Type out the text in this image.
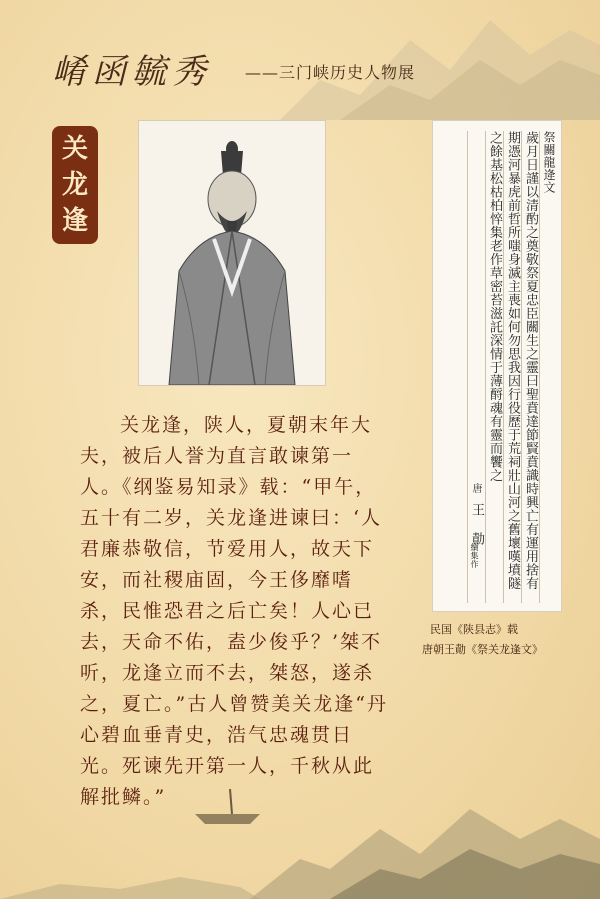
崤函毓秀 ——三门峡历史人物展
关
龙
逢
祭關龍逄文
歲月日謹以清酌之奠敬祭夏忠臣關生之靈曰聖賁達節賢賁識時興亡有運用捨有
期憑河暴虎前哲所嗤身滅主喪如何勿思我因行役歷于荒祠壯山河之舊壞嘆墳隧
之餘基松枯柏悴集老作草密苔滋託深情于薄酹魂有靈而饗之
唐
王 勣
續集作
民国《陕县志》载
唐朝王勣《祭关龙逢文》
关龙逢，陕人，夏朝末年大夫，被后人誉为直言敢谏第一人。《纲鉴易知录》载：“甲午，五十有二岁，关龙逢进谏曰：‘人君廉恭敬信，节爱用人，故天下安，而社稷庙固，今王侈靡嗜杀，民惟恐君之后亡矣！人心已去，天命不佑，盍少俊乎？’桀不听，龙逢立而不去，桀怒，遂杀之，夏亡。”古人曾赞美关龙逢“丹心碧血垂青史，浩气忠魂贯日光。死谏先开第一人，千秋从此解批鳞。”
